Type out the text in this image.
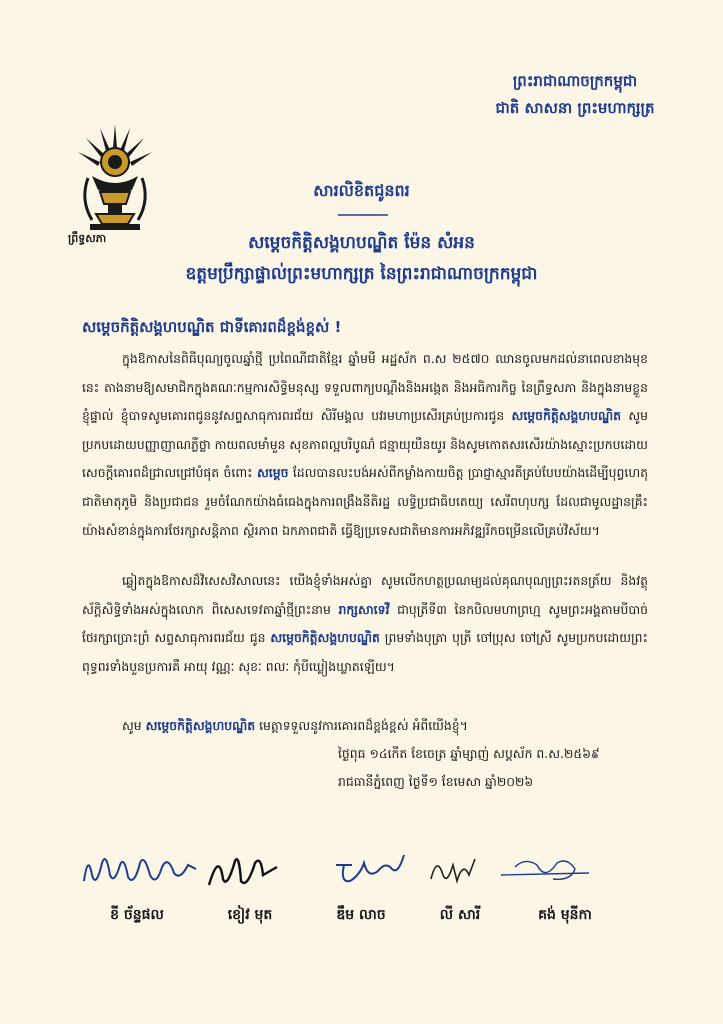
ព្រះរាជាណាចក្រកម្ពុជា
ជាតិ សាសនា ព្រះមហាក្សត្រ
ព្រឹទ្ធសភា
សារលិខិតជូនពរ
សម្តេចកិត្តិសង្គហបណ្ឌិត ម៉ែន សំអន
ឧត្តមប្រឹក្សាផ្ទាល់ព្រះមហាក្សត្រ នៃព្រះរាជាណាចក្រកម្ពុជា
សម្តេចកិត្តិសង្គហបណ្ឌិត ជាទីគោរពដ៏ខ្ពង់ខ្ពស់ !
ក្នុងឱកាសនៃពិធីបុណ្យចូលឆ្នាំថ្មី ប្រពៃណីជាតិខ្មែរ ឆ្នាំមមី អដ្ឋស័ក ព.ស ២៥៧០ ឈានចូលមកដល់នាពេលខាងមុខនេះ តាងនាមឱ្យសមាជិកក្នុងគណៈកម្មការសិទ្ធិមនុស្ស ទទួលពាក្យបណ្តឹងនិងអង្កេត និងអធិការកិច្ច នៃព្រឹទ្ធសភា និងក្នុងនាមខ្លួនខ្ញុំផ្ទាល់ ខ្ញុំបាទសូមគោរពជូននូវសព្ទសាធុការពរជ័យ សិរីមង្គល បវរមហាប្រសើរគ្រប់ប្រការជូន សម្តេចកិត្តិសង្គហបណ្ឌិត សូមប្រកបដោយបញ្ញាញាណភ្លឺថ្លា កាយពលមាំមួន សុខភាពល្អបរិបូណ៌ ជន្មាយុយឺនយូរ និងសូមកោតសរសើរយ៉ាងស្មោះប្រកបដោយសេចក្តីគោរពដ៏ជ្រាលជ្រៅបំផុត ចំពោះ សម្តេច ដែលបានលះបង់អស់ពីកម្លាំងកាយចិត្ត ប្រាជ្ញាស្មារតីគ្រប់បែបយ៉ាងដើម្បីបុព្វហេតុជាតិមាតុភូមិ និងប្រជាជន រួមចំណែកយ៉ាងធំធេងក្នុងការពង្រឹងនីតិរដ្ឋ លទ្ធិប្រជាធិបតេយ្យ សេរីពហុបក្ស ដែលជាមូលដ្ឋានគ្រឹះយ៉ាងសំខាន់ក្នុងការថែរក្សាសន្តិភាព ស្ថិរភាព ឯកភាពជាតិ ធ្វើឱ្យប្រទេសជាតិមានការអភិវឌ្ឍរីកចម្រើនលើគ្រប់វិស័យ។
ឆ្លៀតក្នុងឱកាសដ៏វិសេសវិសាលនេះ យើងខ្ញុំទាំងអស់គ្នា សូមលើកហត្ថប្រណម្យដល់គុណបុណ្យព្រះរតនត្រ័យ និងវត្ថុស័ក្តិសិទ្ធិទាំងអស់ក្នុងលោក ពិសេសទេវតាឆ្នាំថ្មីព្រះនាម រាក្សសាទេវី ជាបុត្រីទី៣ នៃកបិលមហាព្រហ្ម សូមព្រះអង្គតាមបីបាច់ថែរក្សាប្រោះព្រំ សព្ទសាធុការពរជ័យ ជូន សម្តេចកិត្តិសង្គហបណ្ឌិត ព្រមទាំងបុត្រា បុត្រី ចៅប្រុស ចៅស្រី សូមប្រកបដោយព្រះពុទ្ធពរទាំងបួនប្រការគឺ អាយុ វណ្ណៈ សុខៈ ពលៈ កុំបីឃ្លៀងឃ្លាតឡើយ។
សូម សម្តេចកិត្តិសង្គហបណ្ឌិត មេត្តាទទួលនូវការគោរពដ៏ខ្ពង់ខ្ពស់ អំពីយើងខ្ញុំ។
ថ្ងៃពុធ ១៤កើត ខែចេត្រ ឆ្នាំម្សាញ់ សប្តស័ក ព.ស.២៥៦៩
រាជធានីភ្នំពេញ ថ្ងៃទី១ ខែមេសា ឆ្នាំ២០២៦
ខី ច័ន្ទផល	ខៀវ មុត	ឌឹម លាច	លី សារី	គង់ មុនីកា
